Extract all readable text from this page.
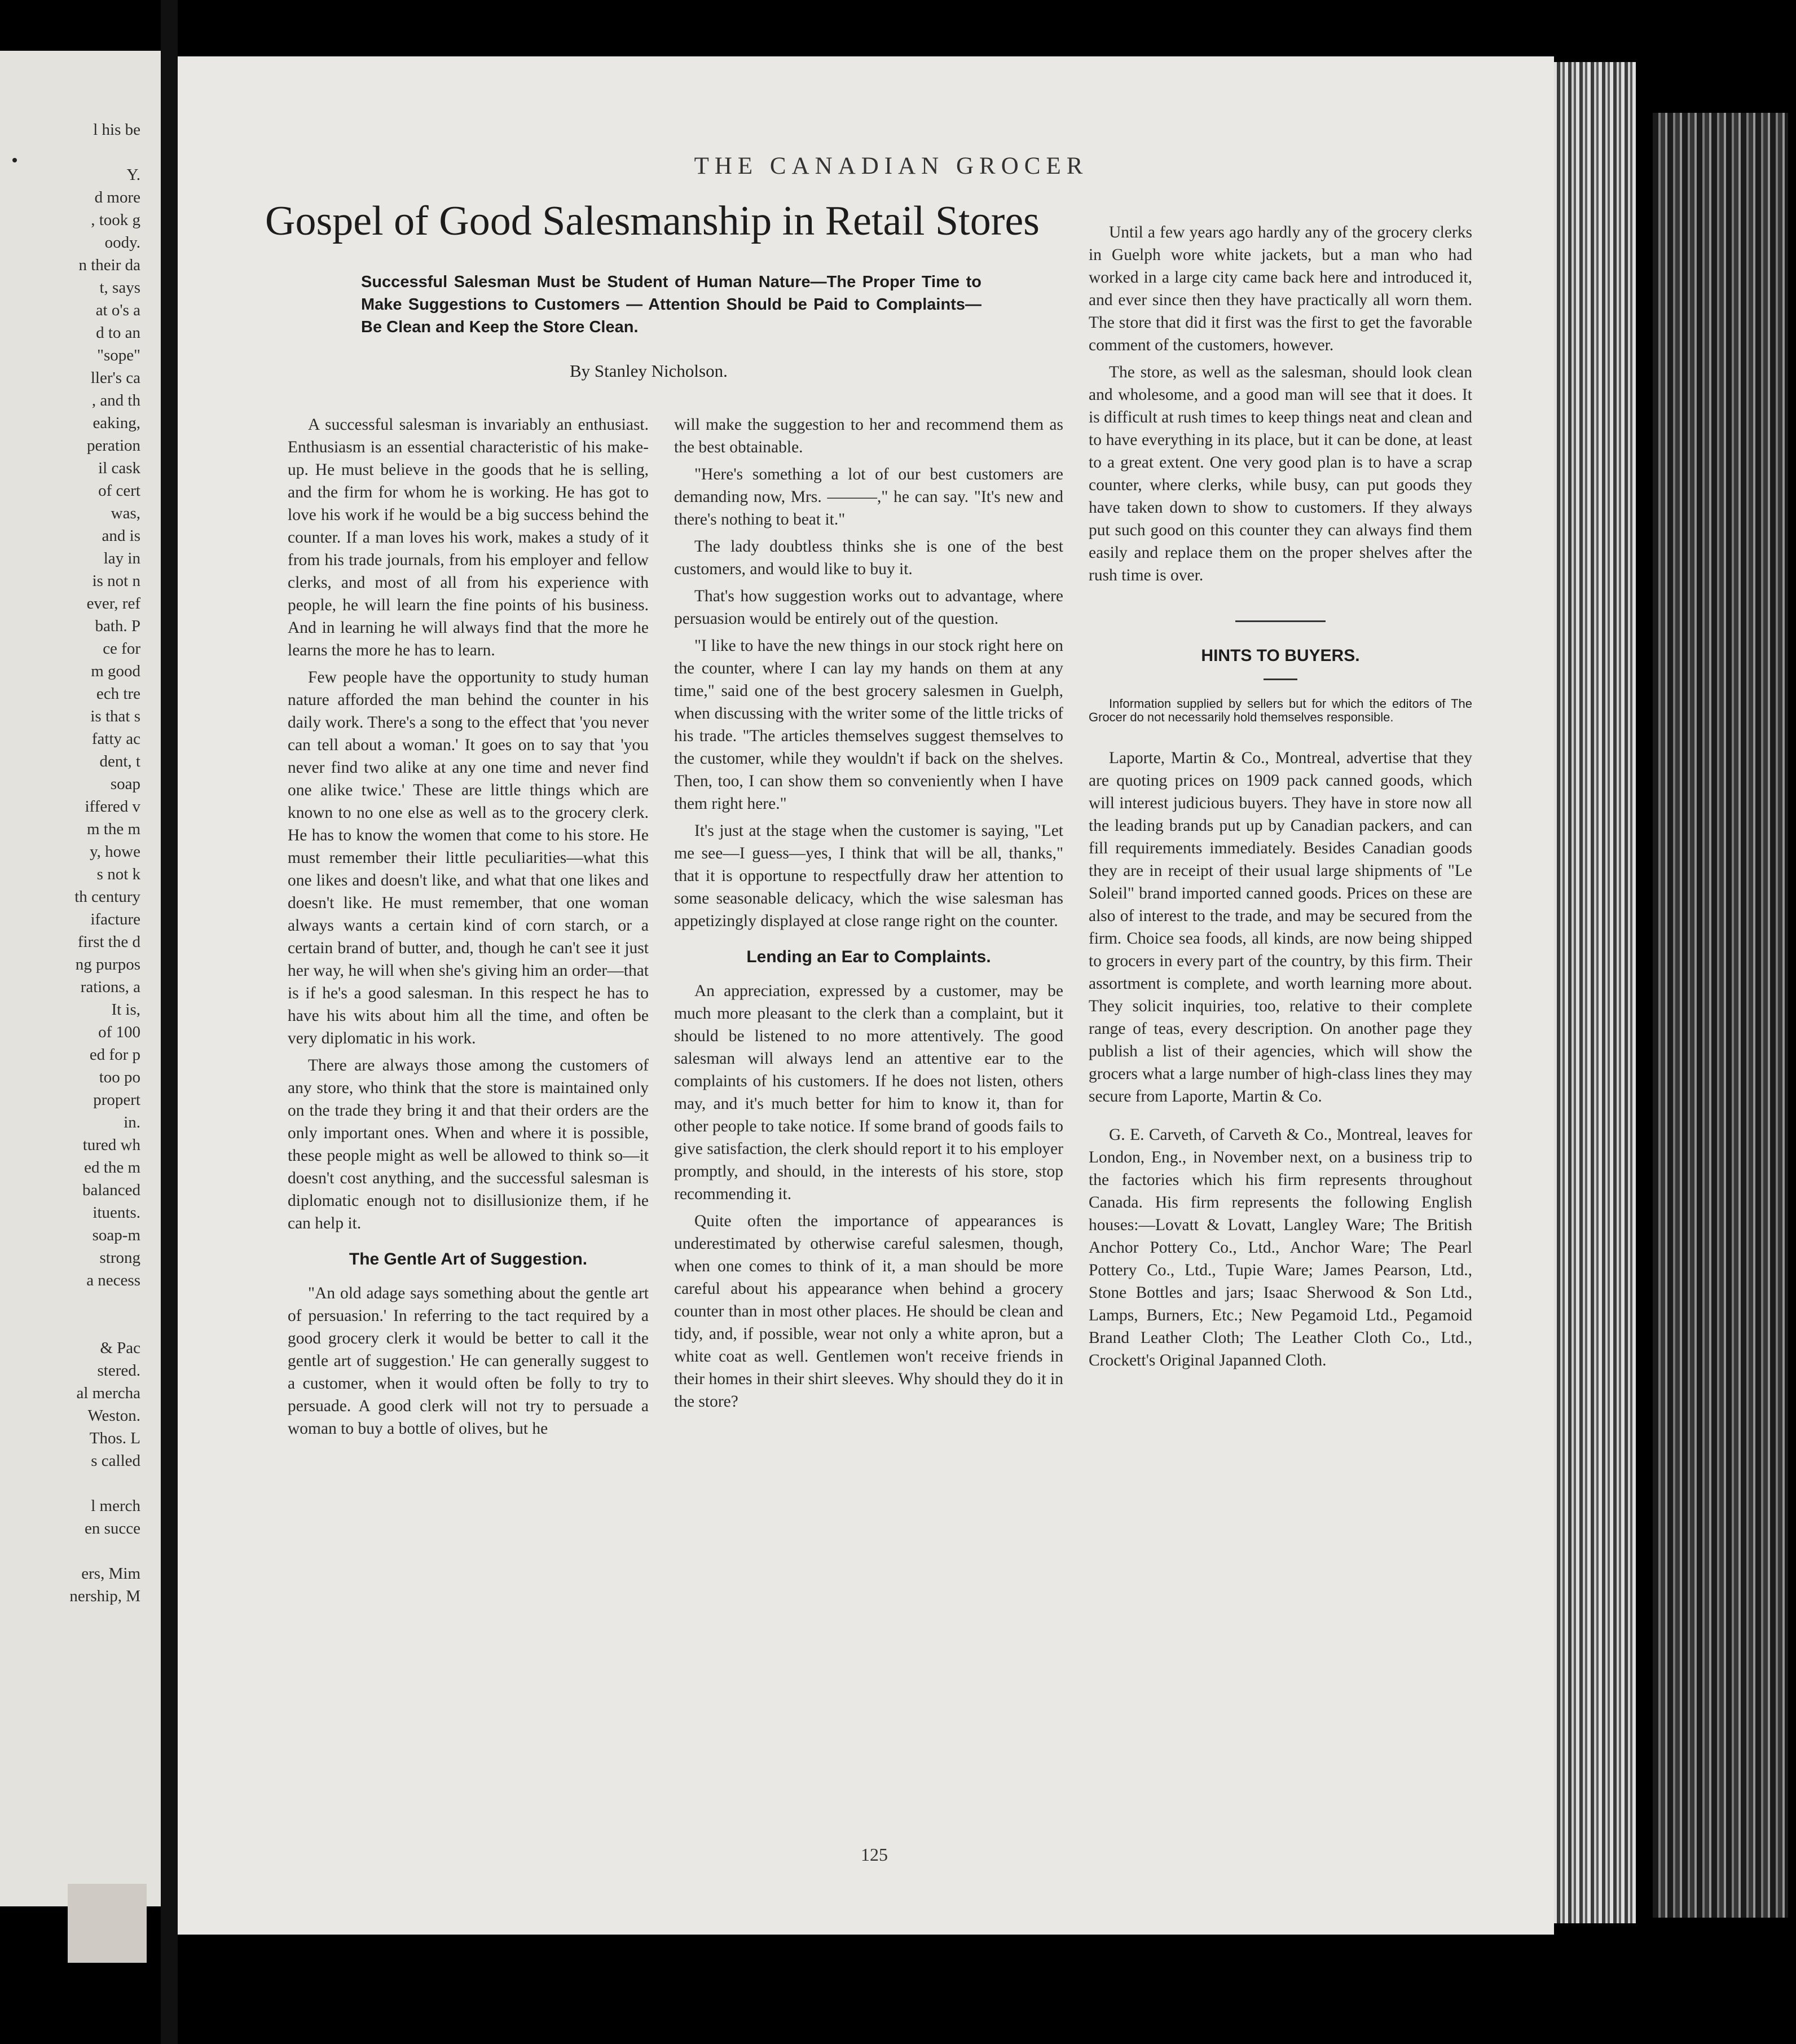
l his be

Y.
d more
, took g
oody.
n their da
t, says
at o's a
d to an
"sope"
ller's ca
, and th
eaking,
peration
il cask
of cert
was,
and is
lay in
is not n
ever, ref
bath. P
ce for
m good
ech tre
is that s
fatty ac
dent, t
soap
iffered v
m the m
y, howe
s not k
th century
ifacture
first the d
ng purpos
rations, a
It is,
of 100
ed for p
too po
propert
in.
tured wh
ed the m
balanced
ituents.
soap-m
strong
a necess

& Pac
stered.
al mercha
Weston.
Thos. L
s called

l merch
en succe

ers, Mim
nership, M
THE CANADIAN GROCER
Gospel of Good Salesmanship in Retail Stores
Successful Salesman Must be Student of Human Nature—The Proper Time to Make Suggestions to Customers — Attention Should be Paid to Complaints—Be Clean and Keep the Store Clean.
By Stanley Nicholson.

A successful salesman is invariably an enthusiast. Enthusiasm is an essential characteristic of his make-up. He must believe in the goods that he is selling, and the firm for whom he is working. He has got to love his work if he would be a big success behind the counter. If a man loves his work, makes a study of it from his trade journals, from his employer and fellow clerks, and most of all from his experience with people, he will learn the fine points of his business. And in learning he will always find that the more he learns the more he has to learn.

Few people have the opportunity to study human nature afforded the man behind the counter in his daily work. There's a song to the effect that 'you never can tell about a woman.' It goes on to say that 'you never find two alike at any one time and never find one alike twice.' These are little things which are known to no one else as well as to the grocery clerk. He has to know the women that come to his store. He must remember their little peculiarities—what this one likes and doesn't like, and what that one likes and doesn't like. He must remember, that one woman always wants a certain kind of corn starch, or a certain brand of butter, and, though he can't see it just her way, he will when she's giving him an order—that is if he's a good salesman. In this respect he has to have his wits about him all the time, and often be very diplomatic in his work.

There are always those among the customers of any store, who think that the store is maintained only on the trade they bring it and that their orders are the only important ones. When and where it is possible, these people might as well be allowed to think so—it doesn't cost anything, and the successful salesman is diplomatic enough not to disillusionize them, if he can help it.

The Gentle Art of Suggestion.

"An old adage says something about the gentle art of persuasion.' In referring to the tact required by a good grocery clerk it would be better to call it the gentle art of suggestion.' He can generally suggest to a customer, when it would often be folly to try to persuade. A good clerk will not try to persuade a woman to buy a bottle of olives, but he

will make the suggestion to her and recommend them as the best obtainable.

"Here's something a lot of our best customers are demanding now, Mrs. ———," he can say. "It's new and there's nothing to beat it."

The lady doubtless thinks she is one of the best customers, and would like to buy it.

That's how suggestion works out to advantage, where persuasion would be entirely out of the question.

"I like to have the new things in our stock right here on the counter, where I can lay my hands on them at any time," said one of the best grocery salesmen in Guelph, when discussing with the writer some of the little tricks of his trade. "The articles themselves suggest themselves to the customer, while they wouldn't if back on the shelves. Then, too, I can show them so conveniently when I have them right here."

It's just at the stage when the customer is saying, "Let me see—I guess—yes, I think that will be all, thanks," that it is opportune to respectfully draw her attention to some seasonable delicacy, which the wise salesman has appetizingly displayed at close range right on the counter.

Lending an Ear to Complaints.

An appreciation, expressed by a customer, may be much more pleasant to the clerk than a complaint, but it should be listened to no more attentively. The good salesman will always lend an attentive ear to the complaints of his customers. If he does not listen, others may, and it's much better for him to know it, than for other people to take notice. If some brand of goods fails to give satisfaction, the clerk should report it to his employer promptly, and should, in the interests of his store, stop recommending it.

Quite often the importance of appearances is underestimated by otherwise careful salesmen, though, when one comes to think of it, a man should be more careful about his appearance when behind a grocery counter than in most other places. He should be clean and tidy, and, if possible, wear not only a white apron, but a white coat as well. Gentlemen won't receive friends in their homes in their shirt sleeves. Why should they do it in the store?

Until a few years ago hardly any of the grocery clerks in Guelph wore white jackets, but a man who had worked in a large city came back here and introduced it, and ever since then they have practically all worn them. The store that did it first was the first to get the favorable comment of the customers, however.

The store, as well as the salesman, should look clean and wholesome, and a good man will see that it does. It is difficult at rush times to keep things neat and clean and to have everything in its place, but it can be done, at least to a great extent. One very good plan is to have a scrap counter, where clerks, while busy, can put goods they have taken down to show to customers. If they always put such good on this counter they can always find them easily and replace them on the proper shelves after the rush time is over.

HINTS TO BUYERS.

Information supplied by sellers but for which the editors of The Grocer do not necessarily hold themselves responsible.

Laporte, Martin & Co., Montreal, advertise that they are quoting prices on 1909 pack canned goods, which will interest judicious buyers. They have in store now all the leading brands put up by Canadian packers, and can fill requirements immediately. Besides Canadian goods they are in receipt of their usual large shipments of "Le Soleil" brand imported canned goods. Prices on these are also of interest to the trade, and may be secured from the firm. Choice sea foods, all kinds, are now being shipped to grocers in every part of the country, by this firm. Their assortment is complete, and worth learning more about. They solicit inquiries, too, relative to their complete range of teas, every description. On another page they publish a list of their agencies, which will show the grocers what a large number of high-class lines they may secure from Laporte, Martin & Co.

G. E. Carveth, of Carveth & Co., Montreal, leaves for London, Eng., in November next, on a business trip to the factories which his firm represents throughout Canada. His firm represents the following English houses:—Lovatt & Lovatt, Langley Ware; The British Anchor Pottery Co., Ltd., Anchor Ware; The Pearl Pottery Co., Ltd., Tupie Ware; James Pearson, Ltd., Stone Bottles and jars; Isaac Sherwood & Son Ltd., Lamps, Burners, Etc.; New Pegamoid Ltd., Pegamoid Brand Leather Cloth; The Leather Cloth Co., Ltd., Crockett's Original Japanned Cloth.

125
